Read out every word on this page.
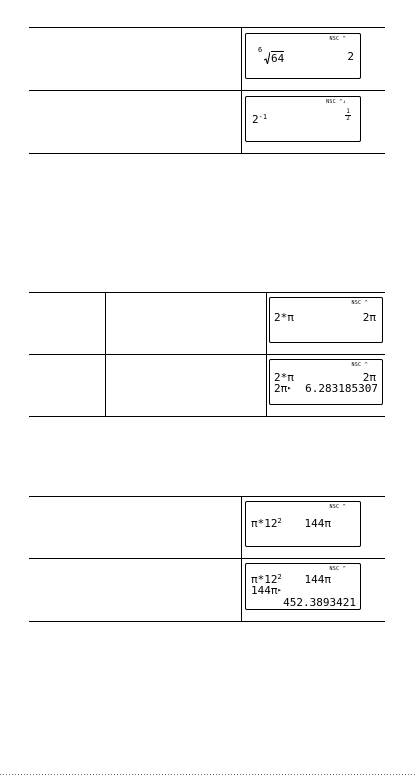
NSC ^
6
64	2
NSC ^↓
$2^{-1}$
1
2
NSC ^
2*π	2π
NSC ^
2*π	2π
2π▸ 6.283185307
NSC ^
$\pi*12^2$ 144π
NSC ^
$\pi*12^2$ 144π
144π▸
452.3893421
